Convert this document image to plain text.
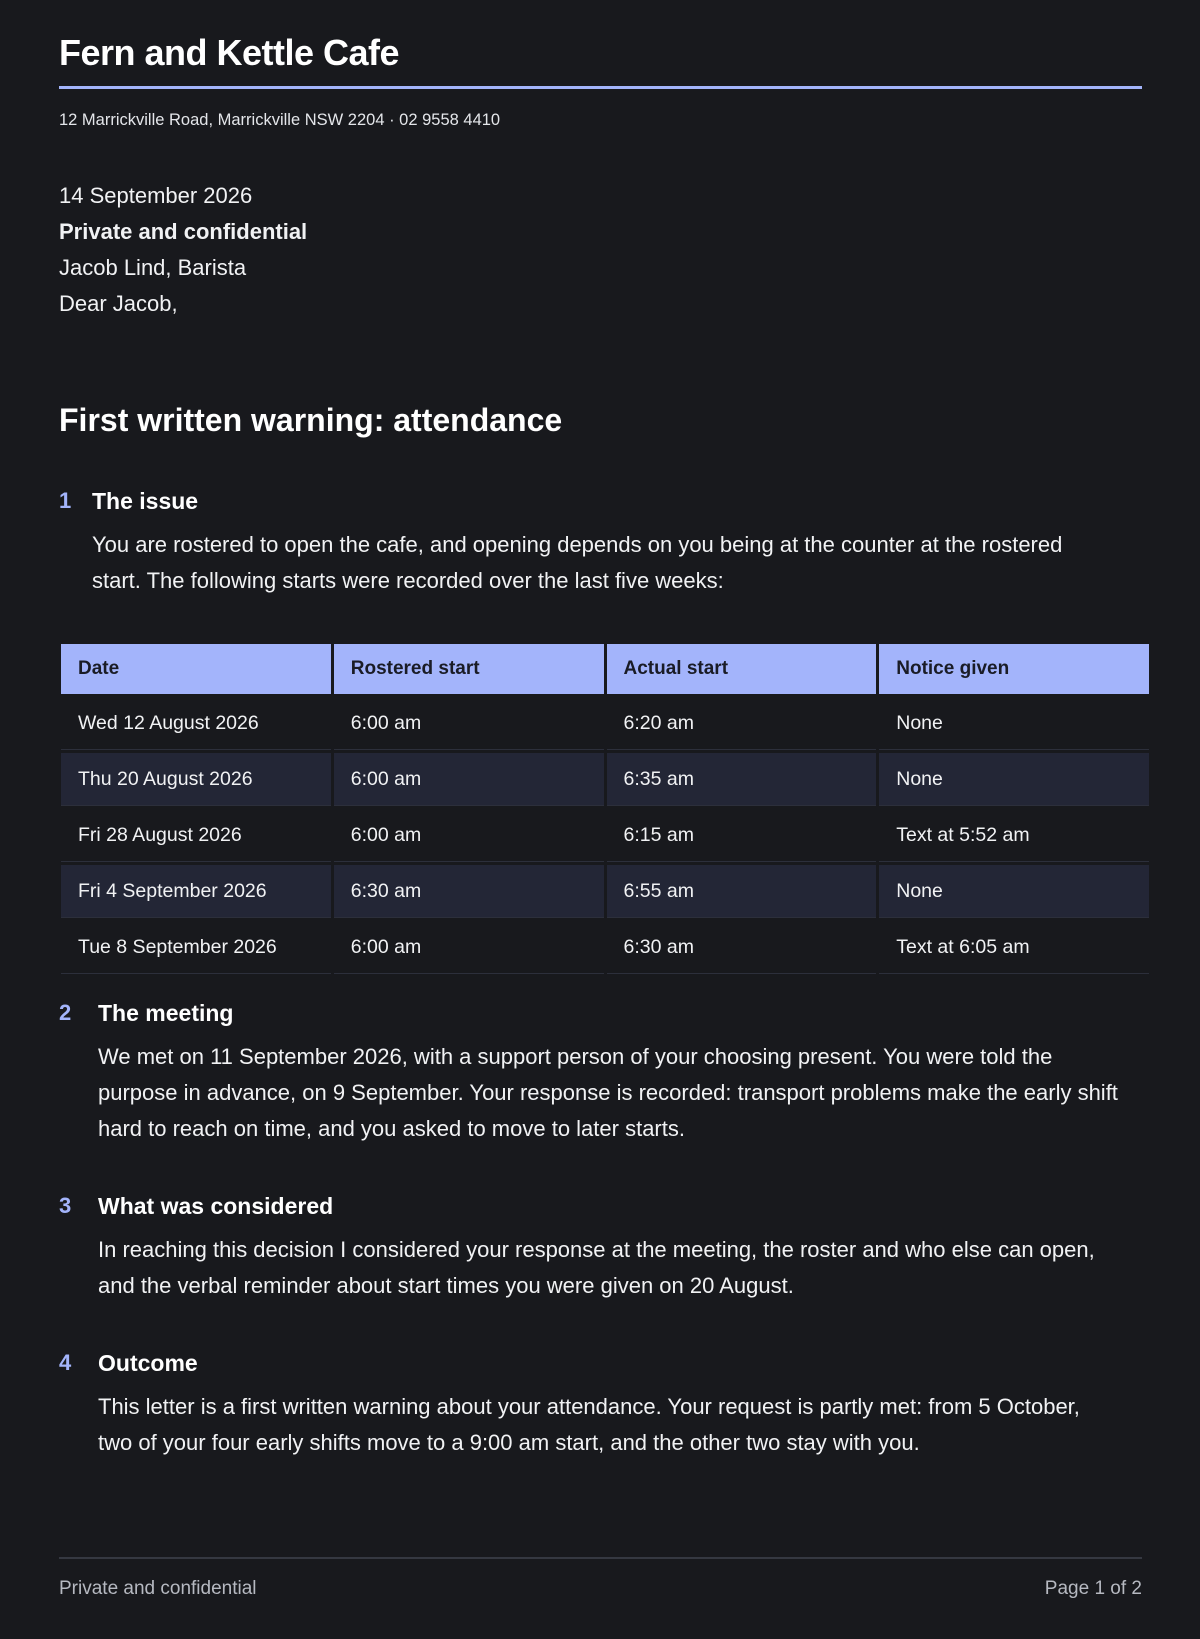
Fern and Kettle Cafe
12 Marrickville Road, Marrickville NSW 2204 · 02 9558 4410
14 September 2026
Private and confidential
Jacob Lind, Barista
Dear Jacob,
First written warning: attendance
1 The issue
You are rostered to open the cafe, and opening depends on you being at the counter at the rostered start. The following starts were recorded over the last five weeks:
Date	Rostered start	Actual start	Notice given
Wed 12 August 2026	6:00 am	6:20 am	None
Thu 20 August 2026	6:00 am	6:35 am	None
Fri 28 August 2026	6:00 am	6:15 am	Text at 5:52 am
Fri 4 September 2026	6:30 am	6:55 am	None
Tue 8 September 2026	6:00 am	6:30 am	Text at 6:05 am
2 The meeting
We met on 11 September 2026, with a support person of your choosing present. You were told the purpose in advance, on 9 September. Your response is recorded: transport problems make the early shift hard to reach on time, and you asked to move to later starts.
3 What was considered
In reaching this decision I considered your response at the meeting, the roster and who else can open, and the verbal reminder about start times you were given on 20 August.
4 Outcome
This letter is a first written warning about your attendance. Your request is partly met: from 5 October, two of your four early shifts move to a 9:00 am start, and the other two stay with you.
Private and confidential	Page 1 of 2
